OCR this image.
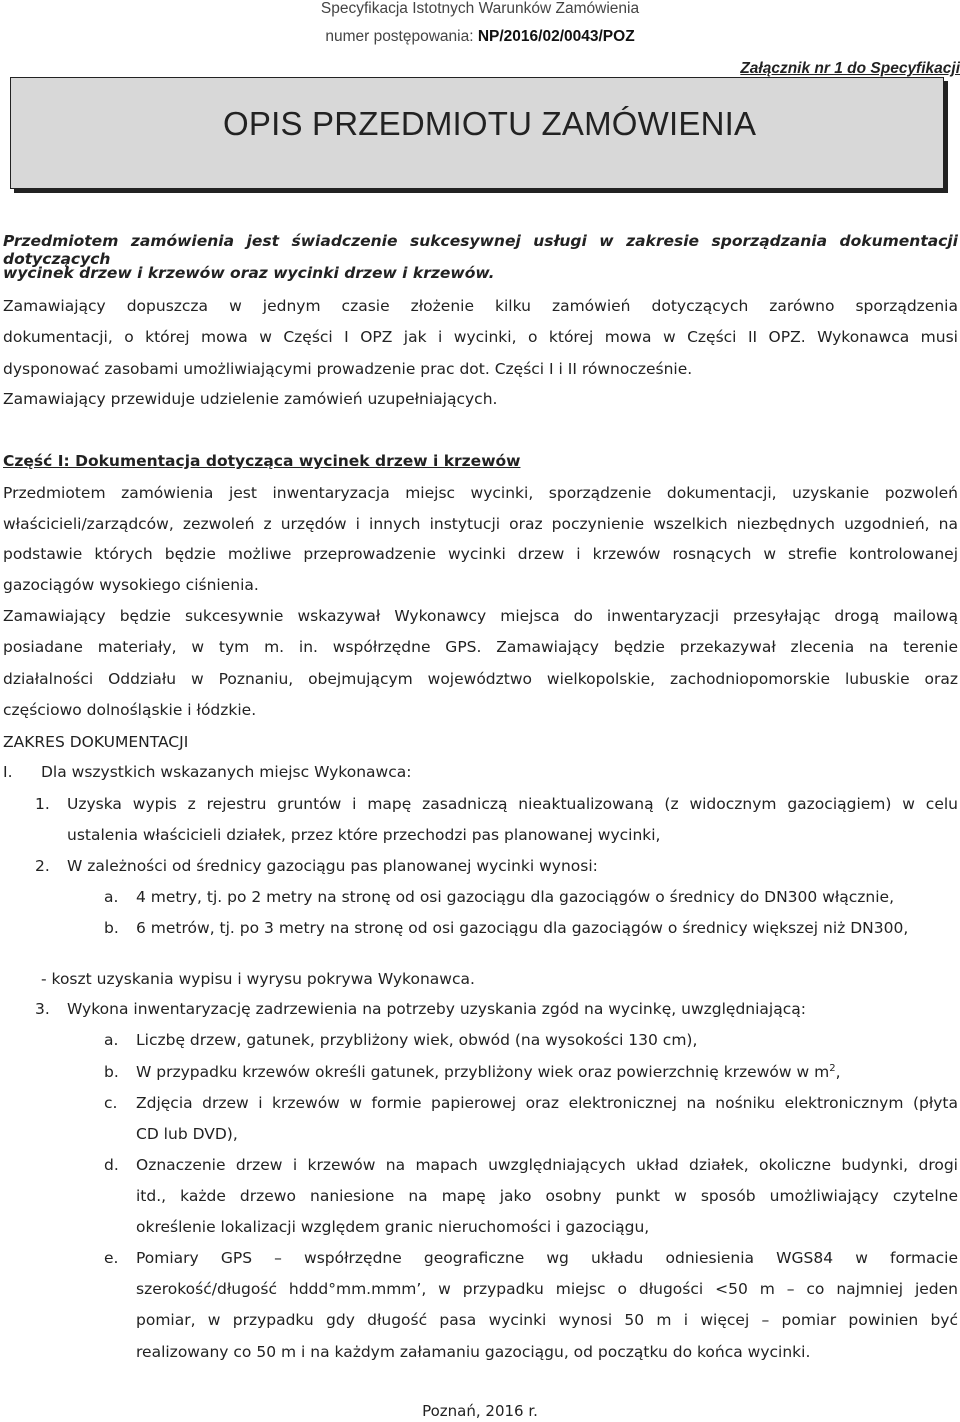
Specyfikacja Istotnych Warunków Zamówienia
numer postępowania: NP/2016/02/0043/POZ
Załącznik nr 1 do Specyfikacji
OPIS PRZEDMIOTU ZAMÓWIENIA
Przedmiotem zamówienia jest świadczenie sukcesywnej usługi w zakresie sporządzania dokumentacji dotyczących
wycinek drzew i krzewów oraz wycinki drzew i krzewów.
Zamawiający dopuszcza w jednym czasie złożenie kilku zamówień dotyczących zarówno sporządzenia
dokumentacji, o której mowa w Części I OPZ jak i wycinki, o której mowa w Części II OPZ. Wykonawca musi
dysponować zasobami umożliwiającymi prowadzenie prac dot. Części I i II równocześnie.
Zamawiający przewiduje udzielenie zamówień uzupełniających.
Część I: Dokumentacja dotycząca wycinek drzew i krzewów
Przedmiotem zamówienia jest inwentaryzacja miejsc wycinki, sporządzenie dokumentacji, uzyskanie pozwoleń
właścicieli/zarządców, zezwoleń z urzędów i innych instytucji oraz poczynienie wszelkich niezbędnych uzgodnień, na
podstawie których będzie możliwe przeprowadzenie wycinki drzew i krzewów rosnących w strefie kontrolowanej
gazociągów wysokiego ciśnienia.
Zamawiający będzie sukcesywnie wskazywał Wykonawcy miejsca do inwentaryzacji przesyłając drogą mailową
posiadane materiały, w tym m. in. współrzędne GPS. Zamawiający będzie przekazywał zlecenia na terenie
działalności Oddziału w Poznaniu, obejmującym województwo wielkopolskie, zachodniopomorskie lubuskie oraz
częściowo dolnośląskie i łódzkie.
ZAKRES DOKUMENTACJI
I. Dla wszystkich wskazanych miejsc Wykonawca:
1. Uzyska wypis z rejestru gruntów i mapę zasadniczą nieaktualizowaną (z widocznym gazociągiem) w celu
ustalenia właścicieli działek, przez które przechodzi pas planowanej wycinki,
2. W zależności od średnicy gazociągu pas planowanej wycinki wynosi:
a. 4 metry, tj. po 2 metry na stronę od osi gazociągu dla gazociągów o średnicy do DN300 włącznie,
b. 6 metrów, tj. po 3 metry na stronę od osi gazociągu dla gazociągów o średnicy większej niż DN300,
- koszt uzyskania wypisu i wyrysu pokrywa Wykonawca.
3. Wykona inwentaryzację zadrzewienia na potrzeby uzyskania zgód na wycinkę, uwzględniającą:
a. Liczbę drzew, gatunek, przybliżony wiek, obwód (na wysokości 130 cm),
b. W przypadku krzewów określi gatunek, przybliżony wiek oraz powierzchnię krzewów w $m^2$,
c. Zdjęcia drzew i krzewów w formie papierowej oraz elektronicznej na nośniku elektronicznym (płyta
CD lub DVD),
d. Oznaczenie drzew i krzewów na mapach uwzględniających układ działek, okoliczne budynki, drogi
itd., każde drzewo naniesione na mapę jako osobny punkt w sposób umożliwiający czytelne
określenie lokalizacji względem granic nieruchomości i gazociągu,
e. Pomiary GPS – współrzędne geograficzne wg układu odniesienia WGS84 w formacie
szerokość/długość hddd°mm.mmm’, w przypadku miejsc o długości <50 m – co najmniej jeden
pomiar, w przypadku gdy długość pasa wycinki wynosi 50 m i więcej – pomiar powinien być
realizowany co 50 m i na każdym załamaniu gazociągu, od początku do końca wycinki.
Poznań, 2016 r.
